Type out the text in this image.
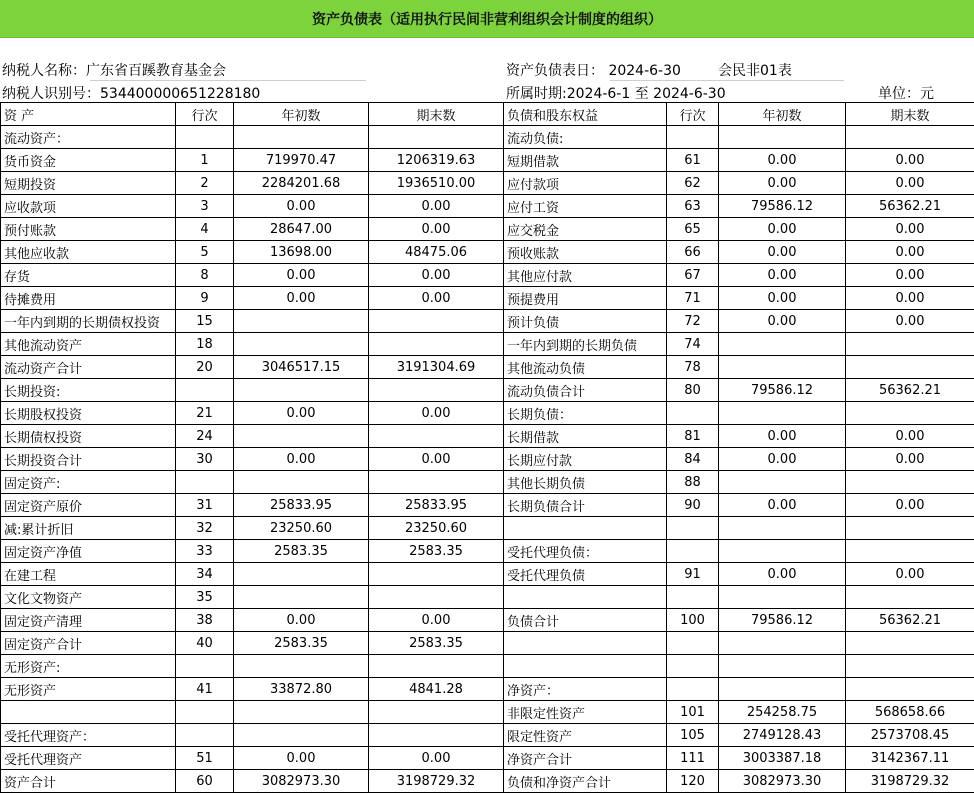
资产负债表（适用执行民间非营利组织会计制度的组织）
纳税人名称：广东省百蹊教育基金会
纳税人识别号：534400000651228180
资产负债表日： 2024-6-30	会民非01表
所属时期:2024-6-1 至 2024-6-30	单位：元
资 产	行次	年初数	期末数	负债和股东权益	行次	年初数	期末数
流动资产：				流动负债:			
货币资金	1	719970.47	1206319.63	短期借款	61	0.00	0.00
短期投资	2	2284201.68	1936510.00	应付款项	62	0.00	0.00
应收款项	3	0.00	0.00	应付工资	63	79586.12	56362.21
预付账款	4	28647.00	0.00	应交税金	65	0.00	0.00
其他应收款	5	13698.00	48475.06	预收账款	66	0.00	0.00
存货	8	0.00	0.00	其他应付款	67	0.00	0.00
待摊费用	9	0.00	0.00	预提费用	71	0.00	0.00
一年内到期的长期债权投资	15			预计负债	72	0.00	0.00
其他流动资产	18			一年内到期的长期负债	74		
流动资产合计	20	3046517.15	3191304.69	其他流动负债	78		
长期投资:				流动负债合计	80	79586.12	56362.21
长期股权投资	21	0.00	0.00	长期负债：			
长期债权投资	24			长期借款	81	0.00	0.00
长期投资合计	30	0.00	0.00	长期应付款	84	0.00	0.00
固定资产:				其他长期负债	88		
固定资产原价	31	25833.95	25833.95	长期负债合计	90	0.00	0.00
减:累计折旧	32	23250.60	23250.60				
固定资产净值	33	2583.35	2583.35	受托代理负债：			
在建工程	34			受托代理负债	91	0.00	0.00
文化文物资产	35						
固定资产清理	38	0.00	0.00	负债合计	100	79586.12	56362.21
固定资产合计	40	2583.35	2583.35				
无形资产:							
无形资产	41	33872.80	4841.28	净资产：			
				非限定性资产	101	254258.75	568658.66
受托代理资产：				限定性资产	105	2749128.43	2573708.45
受托代理资产	51	0.00	0.00	净资产合计	111	3003387.18	3142367.11
资产合计	60	3082973.30	3198729.32	负债和净资产合计	120	3082973.30	3198729.32
